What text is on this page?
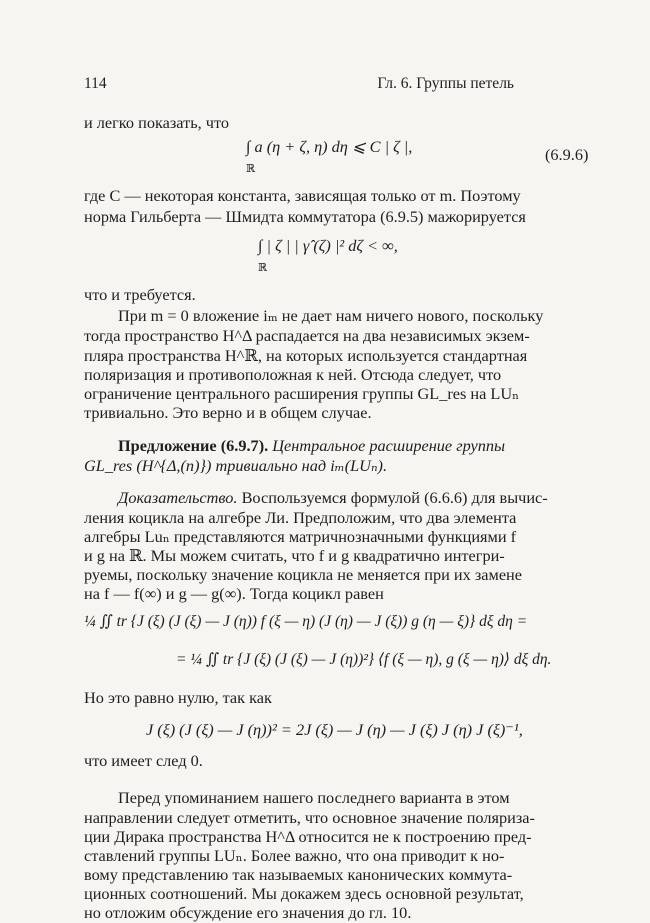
114	Гл. 6. Группы петель
и легко показать, что
∫ a (η + ζ, η) dη ⩽ C | ζ |,
ℝ
(6.9.6)
где C — некоторая константа, зависящая только от m. Поэтому
норма Гильберта — Шмидта коммутатора (6.9.5) мажорируется
∫ | ζ | | γ̂ (ζ) |² dζ < ∞,
ℝ
что и требуется.
При m = 0 вложение iₘ не дает нам ничего нового, поскольку
тогда пространство H^Δ распадается на два независимых экзем-
пляра пространства H^ℝ, на которых используется стандартная
поляризация и противоположная к ней. Отсюда следует, что
ограничение центрального расширения группы GL_res на LUₙ
тривиально. Это верно и в общем случае.
Предложение (6.9.7). Центральное расширение группы
GL_res (H^{Δ,(n)}) тривиально над iₘ(LUₙ).
Доказательство. Воспользуемся формулой (6.6.6) для вычис-
ления коцикла на алгебре Ли. Предположим, что два элемента
алгебры Luₙ представляются матричнозначными функциями f
и g на ℝ. Мы можем считать, что f и g квадратично интегри-
руемы, поскольку значение коцикла не меняется при их замене
на f — f(∞) и g — g(∞). Тогда коцикл равен
¼ ∬ tr {J (ξ) (J (ξ) — J (η)) f (ξ — η) (J (η) — J (ξ)) g (η — ξ)} dξ dη =
= ¼ ∬ tr {J (ξ) (J (ξ) — J (η))²} ⟨f (ξ — η), g (ξ — η)⟩ dξ dη.
Но это равно нулю, так как
J (ξ) (J (ξ) — J (η))² = 2J (ξ) — J (η) — J (ξ) J (η) J (ξ)⁻¹,
что имеет след 0.
Перед упоминанием нашего последнего варианта в этом
направлении следует отметить, что основное значение поляриза-
ции Дирака пространства H^Δ относится не к построению пред-
ставлений группы LUₙ. Более важно, что она приводит к но-
вому представлению так называемых канонических коммута-
ционных соотношений. Мы докажем здесь основной результат,
но отложим обсуждение его значения до гл. 10.
